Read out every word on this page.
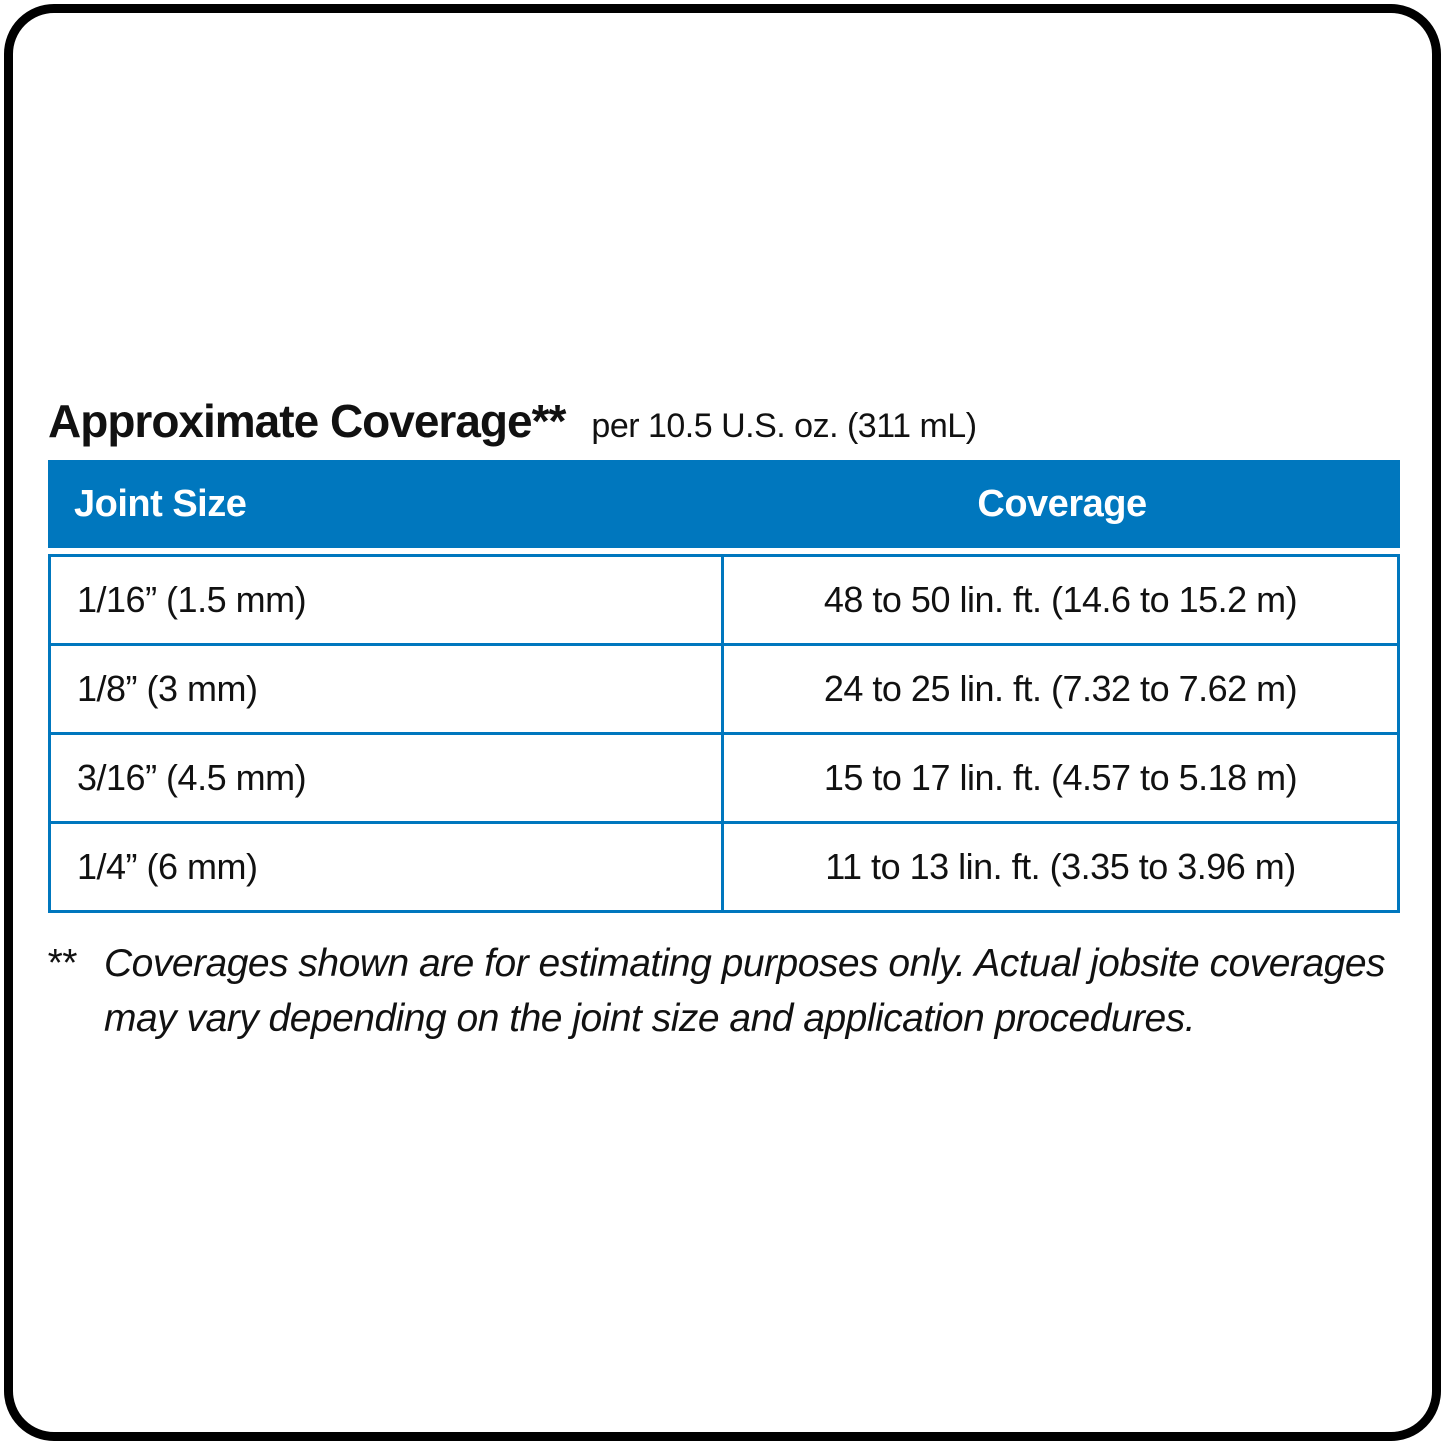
Approximate Coverage** per 10.5 U.S. oz. (311 mL)
Joint Size	Coverage
1/16” (1.5 mm)	48 to 50 lin. ft. (14.6 to 15.2 m)
1/8” (3 mm)	24 to 25 lin. ft. (7.32 to 7.62 m)
3/16” (4.5 mm)	15 to 17 lin. ft. (4.57 to 5.18 m)
1/4” (6 mm)	11 to 13 lin. ft. (3.35 to 3.96 m)
** Coverages shown are for estimating purposes only. Actual jobsite coverages
may vary depending on the joint size and application procedures.
